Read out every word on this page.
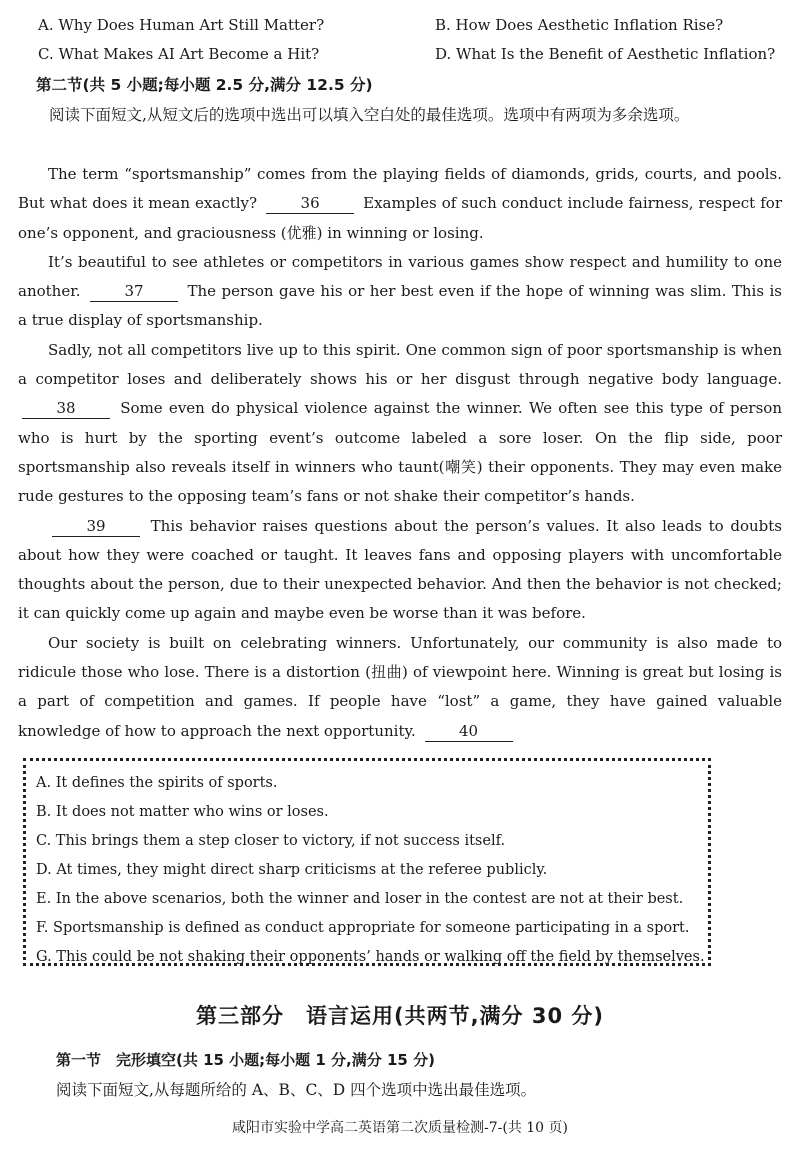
A. Why Does Human Art Still Matter?	B. How Does Aesthetic Inflation Rise?
C. What Makes AI Art Become a Hit?	D. What Is the Benefit of Aesthetic Inflation?
第二节(共 5 小题;每小题 2.5 分,满分 12.5 分)
阅读下面短文,从短文后的选项中选出可以填入空白处的最佳选项。选项中有两项为多余选项。

The term “sportsmanship” comes from the playing fields of diamonds, grids, courts, and pools. But what does it mean exactly?	36	Examples of such conduct include fairness, respect for one’s opponent, and graciousness (优雅) in winning or losing.

It’s beautiful to see athletes or competitors in various games show respect and humility to one another.	37	The person gave his or her best even if the hope of winning was slim. This is a true display of sportsmanship.

Sadly, not all competitors live up to this spirit. One common sign of poor sportsmanship is when a competitor loses and deliberately shows his or her disgust through negative body language. 38	Some even do physical violence against the winner. We often see this type of person who is hurt by the sporting event’s outcome labeled a sore loser. On the flip side, poor sportsmanship also reveals itself in winners who taunt(嘲笑) their opponents. They may even make rude gestures to the opposing team’s fans or not shake their competitor’s hands.

39	This behavior raises questions about the person’s values. It also leads to doubts about how they were coached or taught. It leaves fans and opposing players with uncomfortable thoughts about the person, due to their unexpected behavior. And then the behavior is not checked; it can quickly come up again and maybe even be worse than it was before.

Our society is built on celebrating winners. Unfortunately, our community is also made to ridicule those who lose. There is a distortion (扭曲) of viewpoint here. Winning is great but losing is a part of competition and games. If people have “lost” a game, they have gained valuable knowledge of how to approach the next opportunity.	40

A. It defines the spirits of sports.
B. It does not matter who wins or loses.
C. This brings them a step closer to victory, if not success itself.
D. At times, they might direct sharp criticisms at the referee publicly.
E. In the above scenarios, both the winner and loser in the contest are not at their best.
F. Sportsmanship is defined as conduct appropriate for someone participating in a sport.
G. This could be not shaking their opponents’ hands or walking off the field by themselves.
第三部分　语言运用(共两节,满分 30 分)
第一节　完形填空(共 15 小题;每小题 1 分,满分 15 分)
阅读下面短文,从每题所给的 A、B、C、D 四个选项中选出最佳选项。
咸阳市实验中学高二英语第二次质量检测-7-(共 10 页)
